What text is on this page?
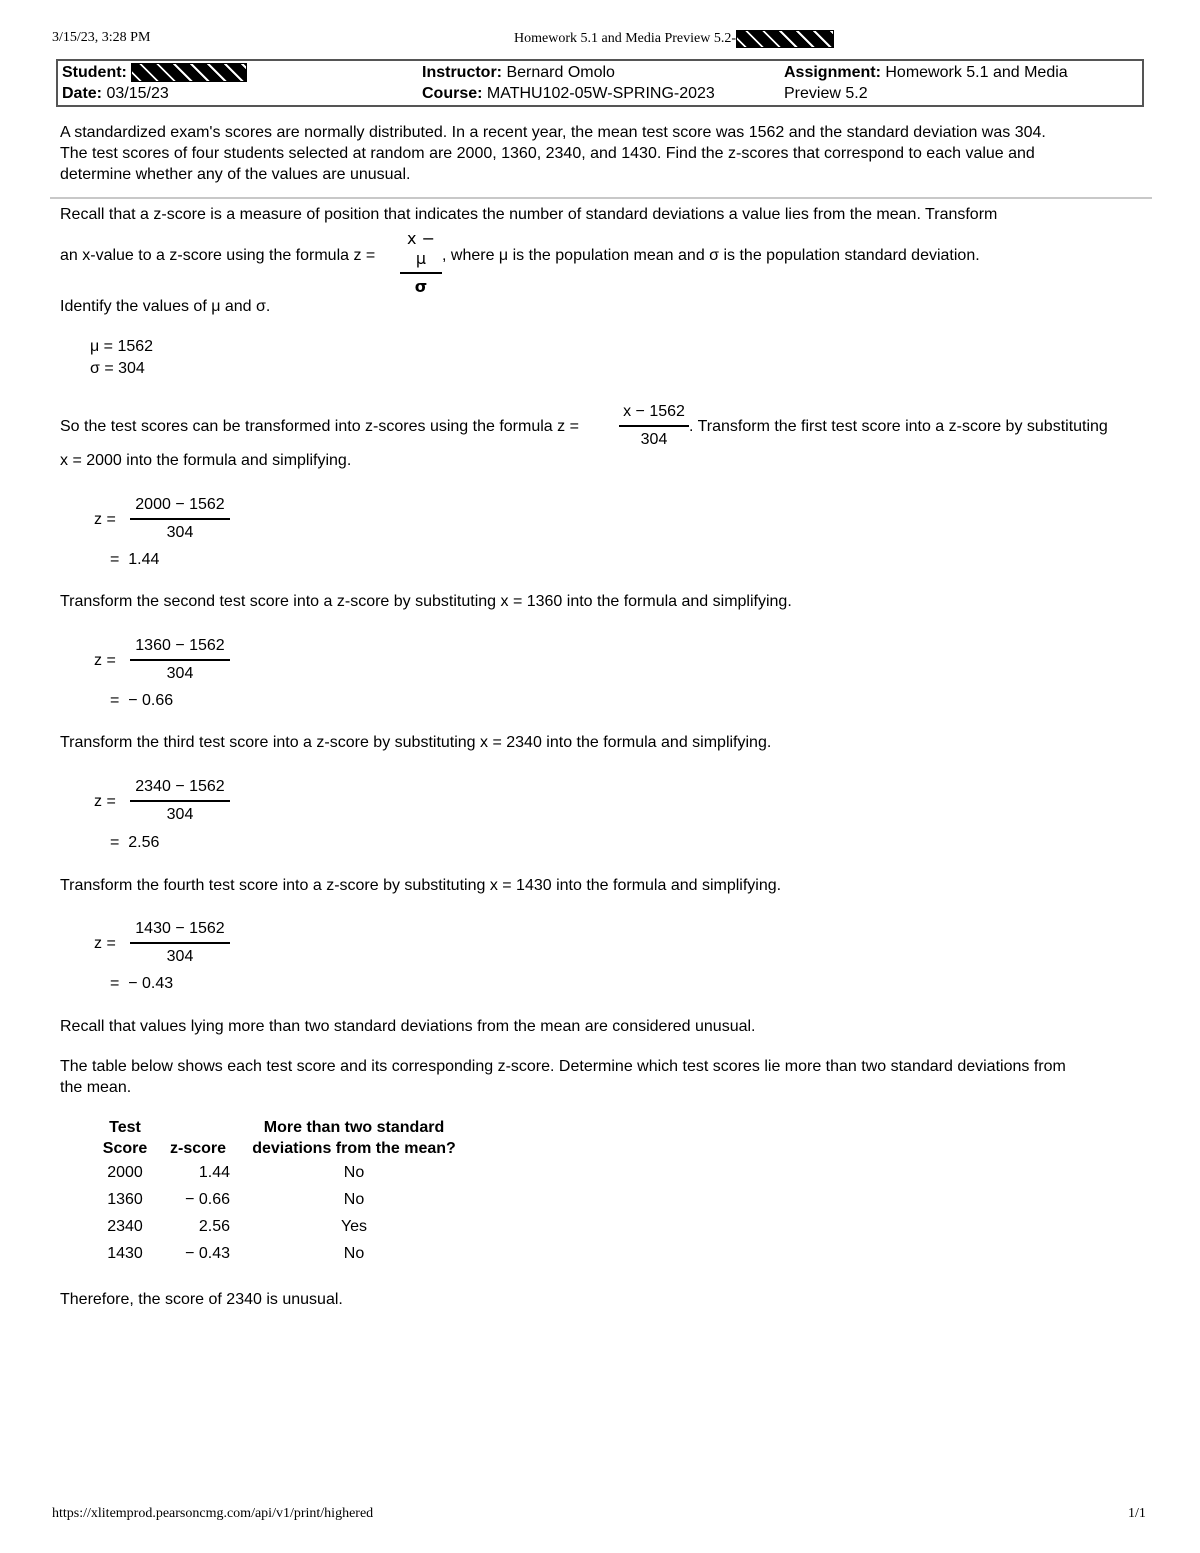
3/15/23, 3:28 PM	Homework 5.1 and Media Preview 5.2-
Student:
Date: 03/15/23
Instructor: Bernard Omolo
Course: MATHU102-05W-SPRING-2023
Assignment: Homework 5.1 and Media
Preview 5.2
A standardized exam's scores are normally distributed. In a recent year, the mean test score was 1562 and the standard deviation was 304.
The test scores of four students selected at random are 2000, 1360, 2340, and 1430. Find the z-scores that correspond to each value and
determine whether any of the values are unusual.
Recall that a z-score is a measure of position that indicates the number of standard deviations a value lies from the mean. Transform
an x-value to a z-score using the formula z =
x − μ
σ
, where μ is the population mean and σ is the population standard deviation.
Identify the values of μ and σ.
μ = 1562
σ = 304
So the test scores can be transformed into z-scores using the formula z =
x − 1562
304
. Transform the first test score into a z-score by substituting
x = 2000 into the formula and simplifying.
z =
2000 − 1562
304
= 1.44
Transform the second test score into a z-score by substituting x = 1360 into the formula and simplifying.
z =
1360 − 1562
304
= − 0.66
Transform the third test score into a z-score by substituting x = 2340 into the formula and simplifying.
z =
2340 − 1562
304
= 2.56
Transform the fourth test score into a z-score by substituting x = 1430 into the formula and simplifying.
z =
1430 − 1562
304
= − 0.43
Recall that values lying more than two standard deviations from the mean are considered unusual.
The table below shows each test score and its corresponding z-score. Determine which test scores lie more than two standard deviations from
the mean.
Test
Score	z-score	More than two standard
deviations from the mean?
2000	1.44	No
1360	− 0.66	No
2340	2.56	Yes
1430	− 0.43	No
Therefore, the score of 2340 is unusual.
https://xlitemprod.pearsoncmg.com/api/v1/print/highered	1/1
